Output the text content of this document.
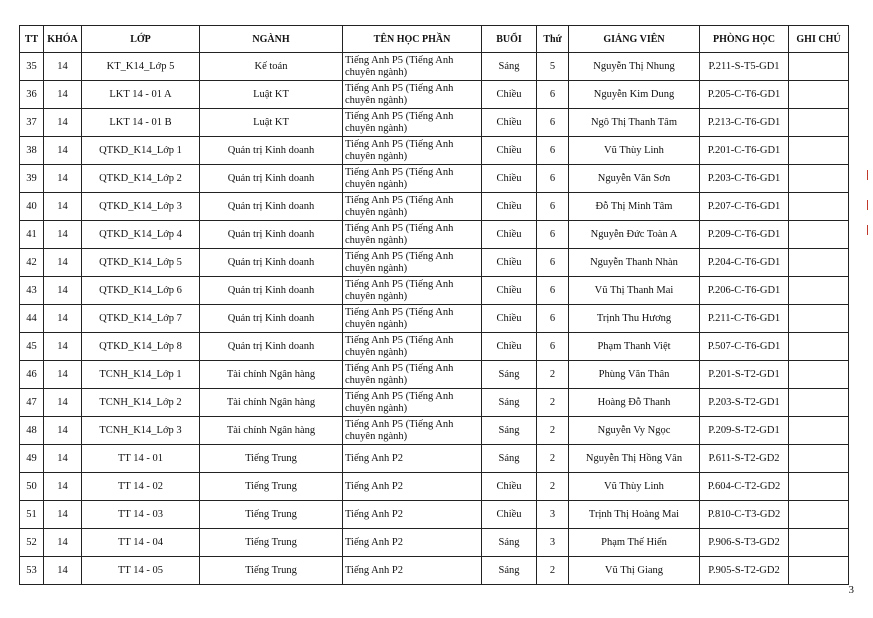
TT	KHÓA	LỚP	NGÀNH	TÊN HỌC PHẦN	BUỔI	Thứ	GIẢNG VIÊN	PHÒNG HỌC	GHI CHÚ
35	14	KT_K14_Lớp 5	Kế toán	Tiếng Anh P5 (Tiếng Anh chuyên ngành)	Sáng	5	Nguyễn Thị Nhung	P.211-S-T5-GD1	
36	14	LKT 14 - 01 A	Luật KT	Tiếng Anh P5 (Tiếng Anh chuyên ngành)	Chiều	6	Nguyễn Kim Dung	P.205-C-T6-GD1	
37	14	LKT 14 - 01 B	Luật KT	Tiếng Anh P5 (Tiếng Anh chuyên ngành)	Chiều	6	Ngô Thị Thanh Tâm	P.213-C-T6-GD1	
38	14	QTKD_K14_Lớp 1	Quản trị Kinh doanh	Tiếng Anh P5 (Tiếng Anh chuyên ngành)	Chiều	6	Vũ Thùy Linh	P.201-C-T6-GD1	
39	14	QTKD_K14_Lớp 2	Quản trị Kinh doanh	Tiếng Anh P5 (Tiếng Anh chuyên ngành)	Chiều	6	Nguyễn Văn Sơn	P.203-C-T6-GD1	
40	14	QTKD_K14_Lớp 3	Quản trị Kinh doanh	Tiếng Anh P5 (Tiếng Anh chuyên ngành)	Chiều	6	Đỗ Thị Minh Tâm	P.207-C-T6-GD1	
41	14	QTKD_K14_Lớp 4	Quản trị Kinh doanh	Tiếng Anh P5 (Tiếng Anh chuyên ngành)	Chiều	6	Nguyễn Đức Toàn A	P.209-C-T6-GD1	
42	14	QTKD_K14_Lớp 5	Quản trị Kinh doanh	Tiếng Anh P5 (Tiếng Anh chuyên ngành)	Chiều	6	Nguyễn Thanh Nhàn	P.204-C-T6-GD1	
43	14	QTKD_K14_Lớp 6	Quản trị Kinh doanh	Tiếng Anh P5 (Tiếng Anh chuyên ngành)	Chiều	6	Vũ Thị Thanh Mai	P.206-C-T6-GD1	
44	14	QTKD_K14_Lớp 7	Quản trị Kinh doanh	Tiếng Anh P5 (Tiếng Anh chuyên ngành)	Chiều	6	Trịnh Thu Hương	P.211-C-T6-GD1	
45	14	QTKD_K14_Lớp 8	Quản trị Kinh doanh	Tiếng Anh P5 (Tiếng Anh chuyên ngành)	Chiều	6	Phạm Thanh Việt	P.507-C-T6-GD1	
46	14	TCNH_K14_Lớp 1	Tài chính Ngân hàng	Tiếng Anh P5 (Tiếng Anh chuyên ngành)	Sáng	2	Phùng Văn Thân	P.201-S-T2-GD1	
47	14	TCNH_K14_Lớp 2	Tài chính Ngân hàng	Tiếng Anh P5 (Tiếng Anh chuyên ngành)	Sáng	2	Hoàng Đỗ Thanh	P.203-S-T2-GD1	
48	14	TCNH_K14_Lớp 3	Tài chính Ngân hàng	Tiếng Anh P5 (Tiếng Anh chuyên ngành)	Sáng	2	Nguyễn Vy Ngọc	P.209-S-T2-GD1	
49	14	TT 14 - 01	Tiếng Trung	Tiếng Anh P2	Sáng	2	Nguyễn Thị Hồng Vân	P.611-S-T2-GD2	
50	14	TT 14 - 02	Tiếng Trung	Tiếng Anh P2	Chiều	2	Vũ Thùy Linh	P.604-C-T2-GD2	
51	14	TT 14 - 03	Tiếng Trung	Tiếng Anh P2	Chiều	3	Trịnh Thị Hoàng Mai	P.810-C-T3-GD2	
52	14	TT 14 - 04	Tiếng Trung	Tiếng Anh P2	Sáng	3	Phạm Thế Hiển	P.906-S-T3-GD2	
53	14	TT 14 - 05	Tiếng Trung	Tiếng Anh P2	Sáng	2	Vũ Thị Giang	P.905-S-T2-GD2	
3
